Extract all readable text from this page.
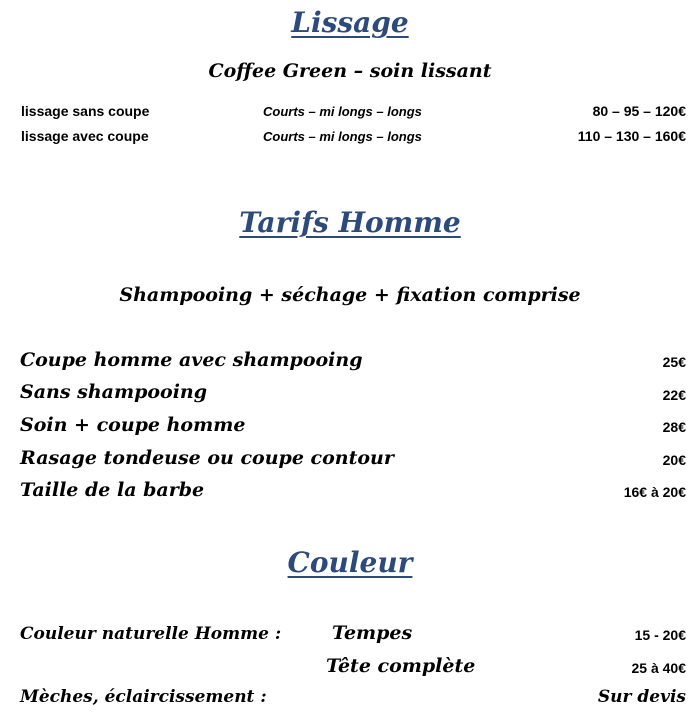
Lissage
Coffee Green – soin lissant
lissage sans coupe	Courts – mi longs – longs	80 – 95 – 120€
lissage avec coupe	Courts – mi longs – longs	110 – 130 – 160€
Tarifs Homme
Shampooing + séchage + fixation comprise
Coupe homme avec shampooing	25€
Sans shampooing	22€
Soin + coupe homme	28€
Rasage tondeuse ou coupe contour	20€
Taille de la barbe	16€ à 20€
Couleur
Couleur naturelle Homme :	Tempes	15 - 20€
Tête complète	25 à 40€
Mèches, éclaircissement :	Sur devis
